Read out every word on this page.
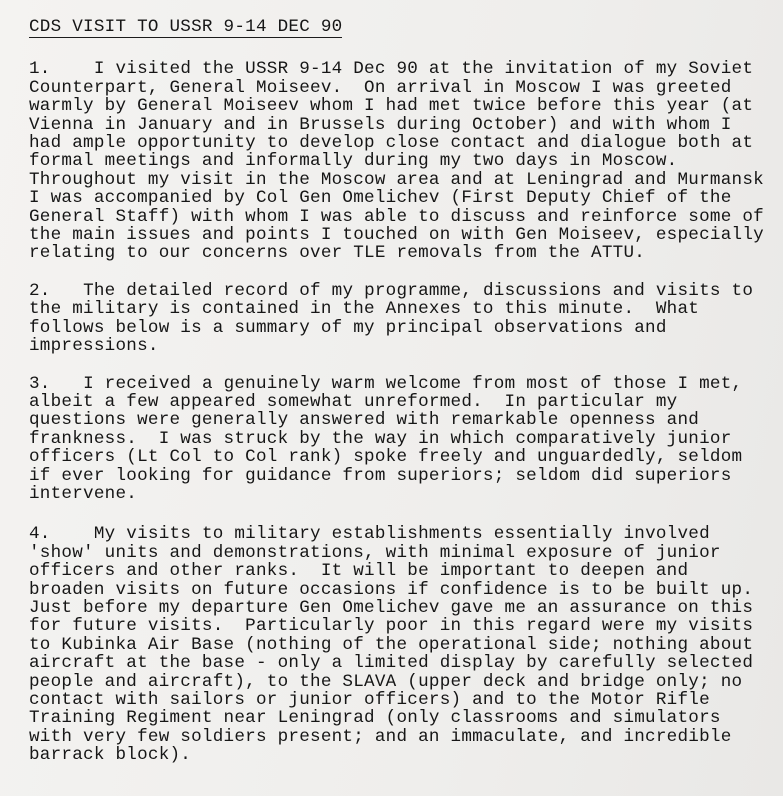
CDS VISIT TO USSR 9-14 DEC 90

1. I visited the USSR 9-14 Dec 90 at the invitation of my Soviet Counterpart, General Moiseev.  On arrival in Moscow I was greeted warmly by General Moiseev whom I had met twice before this year (at Vienna in January and in Brussels during October) and with whom I had ample opportunity to develop close contact and dialogue both at formal meetings and informally during my two days in Moscow.  Throughout my visit in the Moscow area and at Leningrad and Murmansk I was accompanied by Col Gen Omelichev (First Deputy Chief of the General Staff) with whom I was able to discuss and reinforce some of the main issues and points I touched on with Gen Moiseev, especially relating to our concerns over TLE removals from the ATTU.

2. The detailed record of my programme, discussions and visits to the military is contained in the Annexes to this minute.  What follows below is a summary of my principal observations and impressions.

3. I received a genuinely warm welcome from most of those I met, albeit a few appeared somewhat unreformed.  In particular my questions were generally answered with remarkable openness and frankness.  I was struck by the way in which comparatively junior officers (Lt Col to Col rank) spoke freely and unguardedly, seldom if ever looking for guidance from superiors; seldom did superiors intervene.

4. My visits to military establishments essentially involved 'show' units and demonstrations, with minimal exposure of junior officers and other ranks.  It will be important to deepen and broaden visits on future occasions if confidence is to be built up.  Just before my departure Gen Omelichev gave me an assurance on this for future visits.  Particularly poor in this regard were my visits to Kubinka Air Base (nothing of the operational side; nothing about aircraft at the base - only a limited display by carefully selected people and aircraft), to the SLAVA (upper deck and bridge only; no contact with sailors or junior officers) and to the Motor Rifle Training Regiment near Leningrad (only classrooms and simulators with very few soldiers present; and an immaculate, and incredible barrack block).
